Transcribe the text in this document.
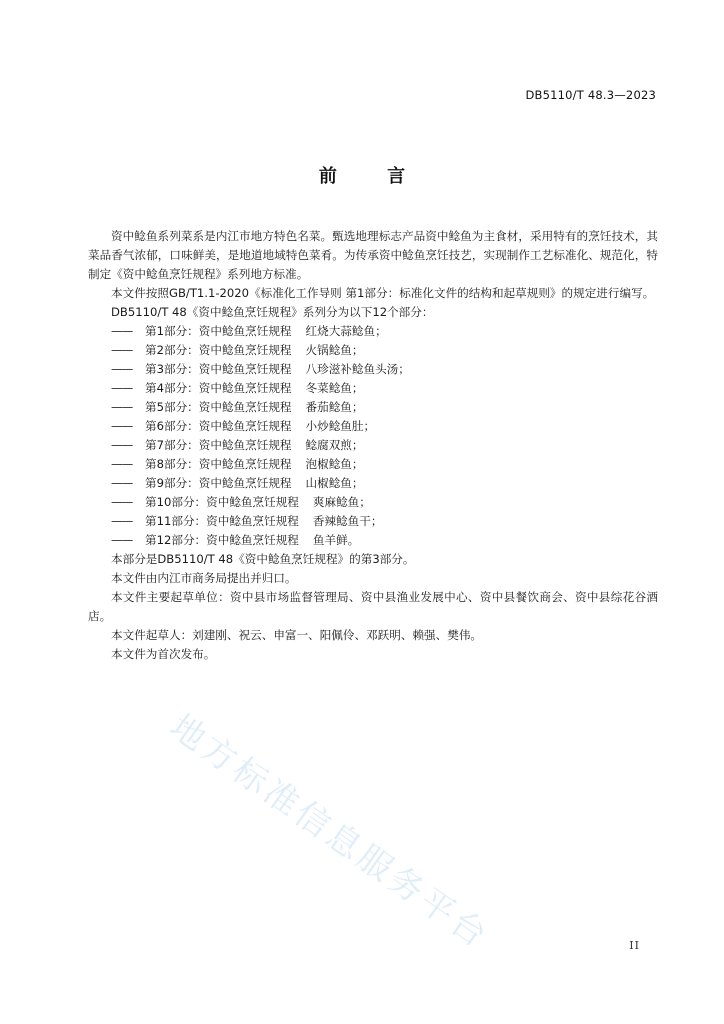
DB5110/T 48.3—2023
前 言

资中鲶鱼系列菜系是内江市地方特色名菜。甄选地理标志产品资中鲶鱼为主食材，采用特有的烹饪技术，其菜品香气浓郁，口味鲜美，是地道地域特色菜肴。为传承资中鲶鱼烹饪技艺，实现制作工艺标准化、规范化，特制定《资中鲶鱼烹饪规程》系列地方标准。

本文件按照GB/T1.1-2020《标准化工作导则 第1部分：标准化文件的结构和起草规则》的规定进行编写。

DB5110/T 48《资中鲶鱼烹饪规程》系列分为以下12个部分：

—— 第1部分：资中鲶鱼烹饪规程 红烧大蒜鲶鱼；
—— 第2部分：资中鲶鱼烹饪规程 火锅鲶鱼；
—— 第3部分：资中鲶鱼烹饪规程 八珍滋补鲶鱼头汤；
—— 第4部分：资中鲶鱼烹饪规程 冬菜鲶鱼；
—— 第5部分：资中鲶鱼烹饪规程 番茄鲶鱼；
—— 第6部分：资中鲶鱼烹饪规程 小炒鲶鱼肚；
—— 第7部分：资中鲶鱼烹饪规程 鲶腐双煎；
—— 第8部分：资中鲶鱼烹饪规程 泡椒鲶鱼；
—— 第9部分：资中鲶鱼烹饪规程 山椒鲶鱼；
—— 第10部分：资中鲶鱼烹饪规程 爽麻鲶鱼；
—— 第11部分：资中鲶鱼烹饪规程 香辣鲶鱼干；
—— 第12部分：资中鲶鱼烹饪规程 鱼羊鲜。

本部分是DB5110/T 48《资中鲶鱼烹饪规程》的第3部分。

本文件由内江市商务局提出并归口。

本文件主要起草单位：资中县市场监督管理局、资中县渔业发展中心、资中县餐饮商会、资中县综花谷酒店。

本文件起草人：刘建刚、祝云、申富一、阳佩伶、邓跃明、赖强、樊伟。

本文件为首次发布。

地方标准信息服务平台	II
